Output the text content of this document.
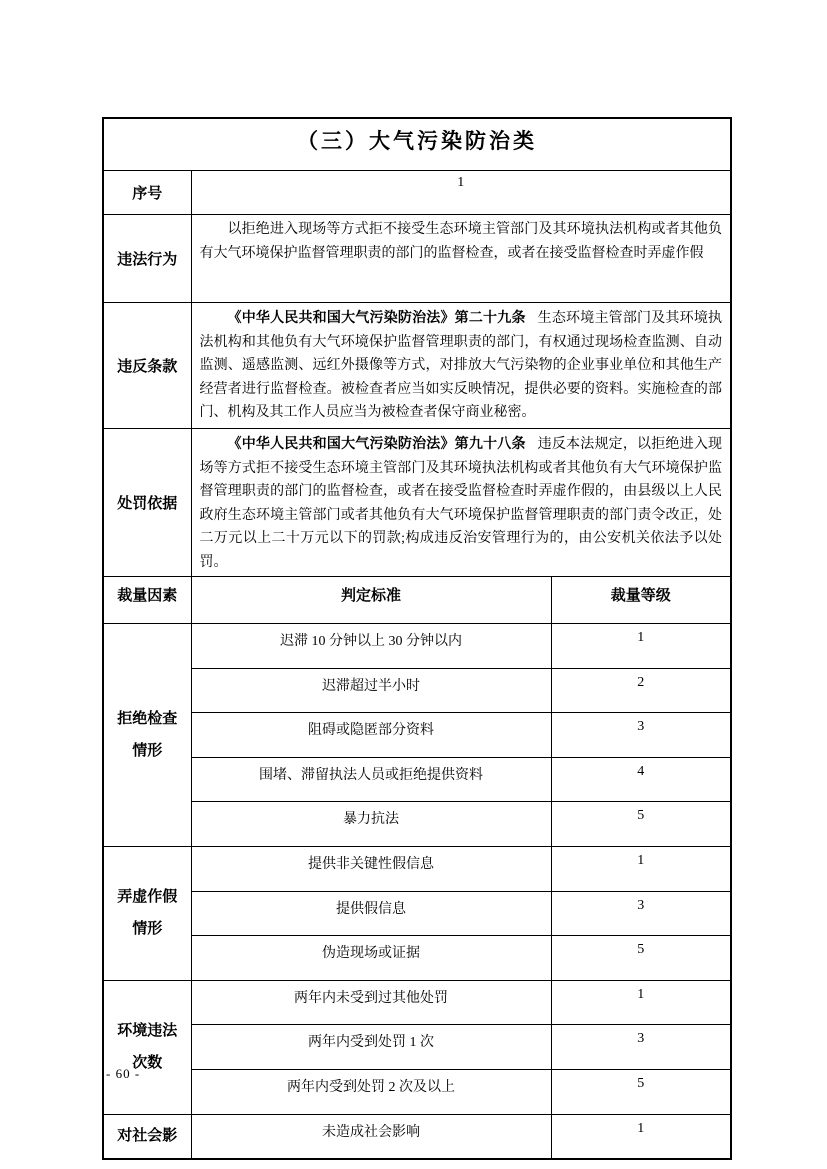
（三）大气污染防治类		
序号	1	
违法行为	以拒绝进入现场等方式拒不接受生态环境主管部门及其环境执法机构或者其他负有大气环境保护监督管理职责的部门的监督检查，或者在接受监督检查时弄虚作假	
违反条款	《中华人民共和国大气污染防治法》第二十九条 生态环境主管部门及其环境执法机构和其他负有大气环境保护监督管理职责的部门，有权通过现场检查监测、自动监测、遥感监测、远红外摄像等方式，对排放大气污染物的企业事业单位和其他生产经营者进行监督检查。被检查者应当如实反映情况，提供必要的资料。实施检查的部门、机构及其工作人员应当为被检查者保守商业秘密。	
处罚依据	《中华人民共和国大气污染防治法》第九十八条 违反本法规定，以拒绝进入现场等方式拒不接受生态环境主管部门及其环境执法机构或者其他负有大气环境保护监督管理职责的部门的监督检查，或者在接受监督检查时弄虚作假的，由县级以上人民政府生态环境主管部门或者其他负有大气环境保护监督管理职责的部门责令改正，处二万元以上二十万元以下的罚款;构成违反治安管理行为的，由公安机关依法予以处罚。	
裁量因素	判定标准	裁量等级

拒绝检查
情形	迟滞 10 分钟以上 30 分钟以内	1
	迟滞超过半小时	2
	阻碍或隐匿部分资料	3
	围堵、滞留执法人员或拒绝提供资料	4
	暴力抗法	5

弄虚作假
情形	提供非关键性假信息	1
	提供假信息	3
	伪造现场或证据	5

环境违法
次数	两年内未受到过其他处罚	1
	两年内受到处罚 1 次	3
	两年内受到处罚 2 次及以上	5

对社会影	未造成社会影响	1
- 60 -
